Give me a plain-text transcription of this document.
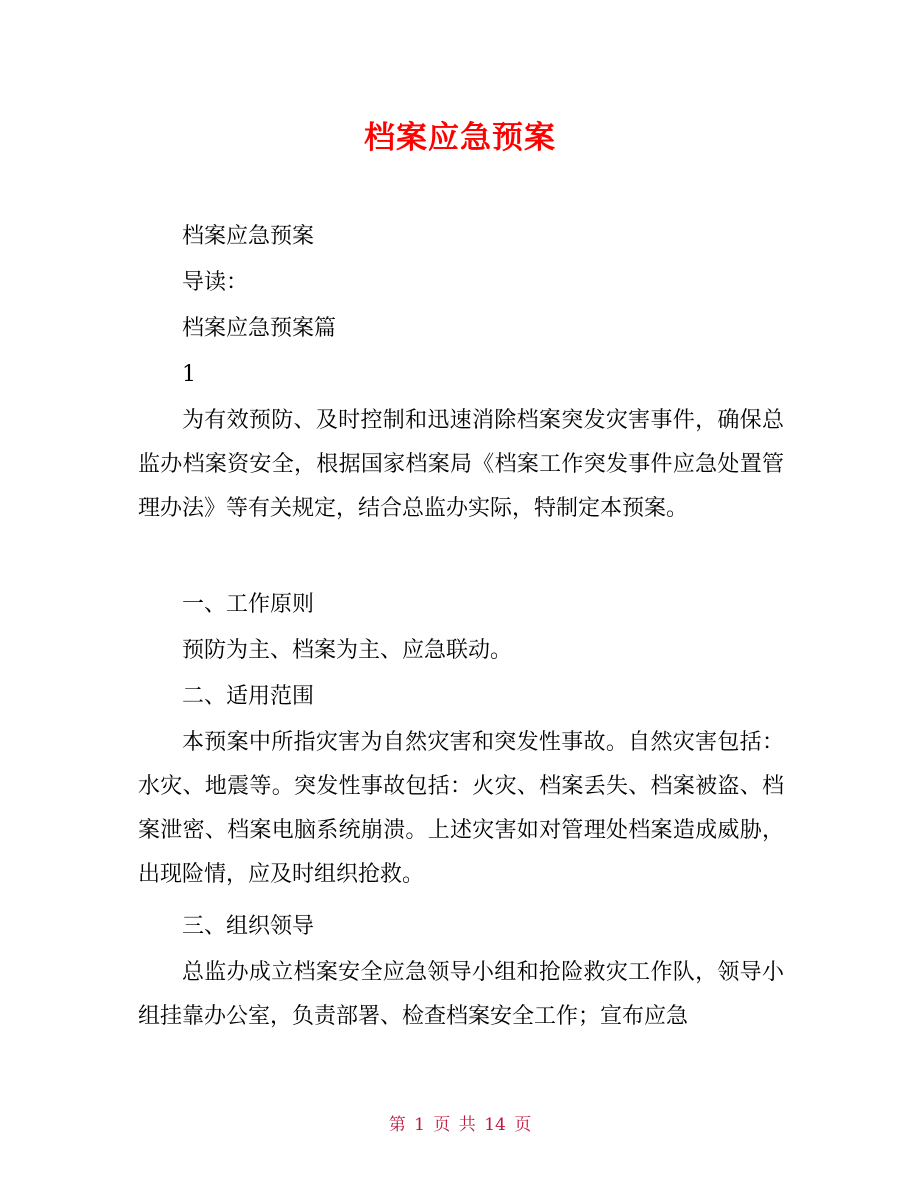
档案应急预案

档案应急预案

导读：

档案应急预案篇

1

为有效预防、及时控制和迅速消除档案突发灾害事件，确保总监办档案资安全，根据国家档案局《档案工作突发事件应急处置管理办法》等有关规定，结合总监办实际，特制定本预案。

一、工作原则

预防为主、档案为主、应急联动。

二、适用范围

本预案中所指灾害为自然灾害和突发性事故。自然灾害包括：水灾、地震等。突发性事故包括：火灾、档案丢失、档案被盗、档案泄密、档案电脑系统崩溃。上述灾害如对管理处档案造成威胁，出现险情，应及时组织抢救。

三、组织领导

总监办成立档案安全应急领导小组和抢险救灾工作队，领导小组挂靠办公室，负责部署、检查档案安全工作；宣布应急

第 1 页 共 14 页
